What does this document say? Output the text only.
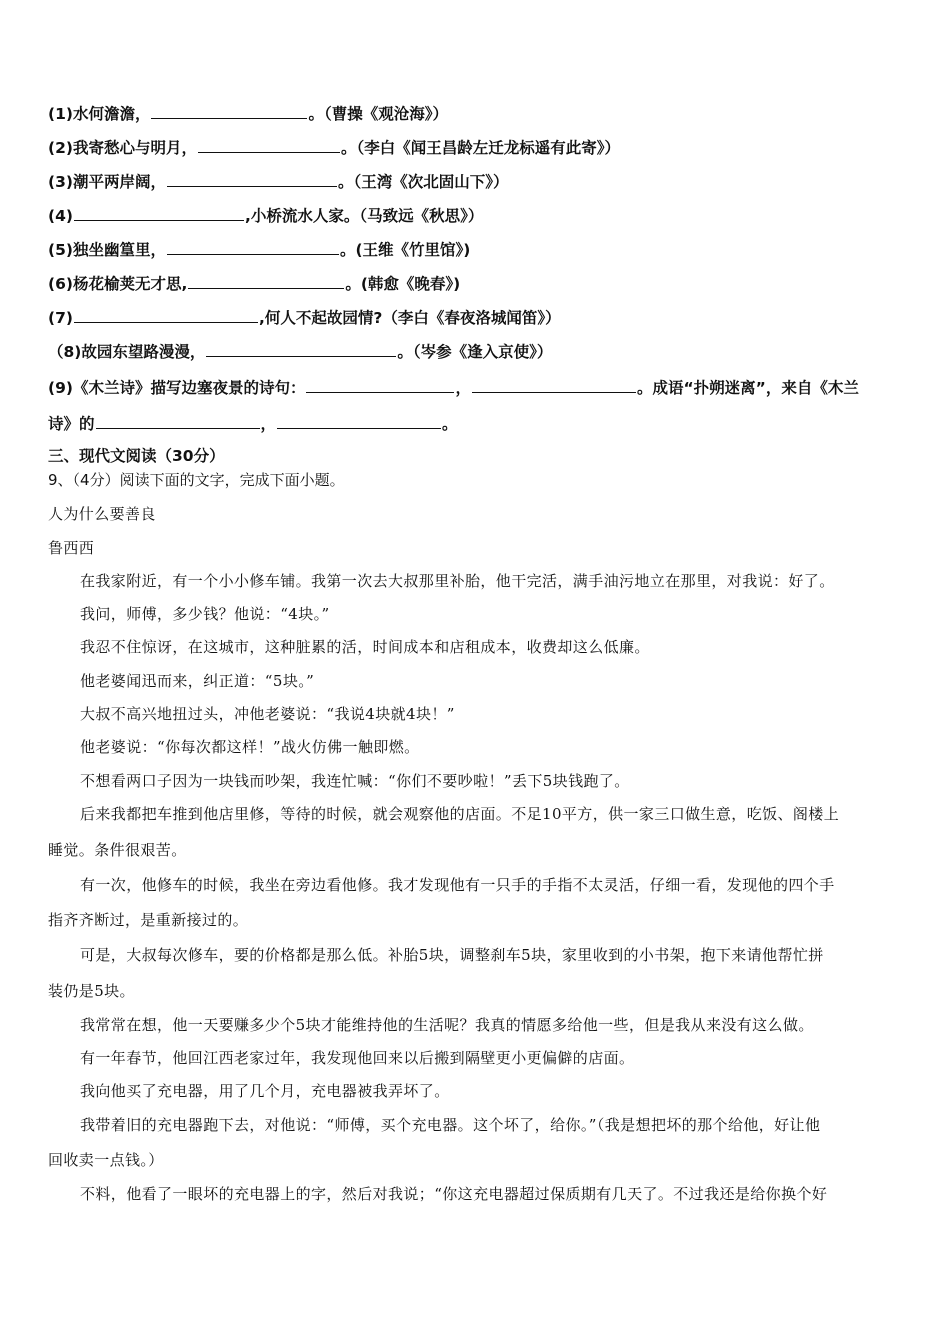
(1)水何澹澹，	。（曹操《观沧海》）
(2)我寄愁心与明月，	。（李白《闻王昌龄左迁龙标遥有此寄》）
(3)潮平两岸阔，	。（王湾《次北固山下》）
(4)	,小桥流水人家。（马致远《秋思》）
(5)独坐幽篁里，	。(王维《竹里馆》)
(6)杨花榆荚无才思,	。(韩愈《晚春》)
(7)	,何人不起故园情?（李白《春夜洛城闻笛》）
（8)故园东望路漫漫，	。（岑参《逢入京使》）
(9)《木兰诗》描写边塞夜景的诗句：	，	。成语“扑朔迷离”，来自《木兰
诗》的	，	。
三、现代文阅读（30分）
9、（4分）阅读下面的文字，完成下面小题。
人为什么要善良
鲁西西
在我家附近，有一个小小修车铺。我第一次去大叔那里补胎，他干完活，满手油污地立在那里，对我说：好了。
我问，师傅，多少钱？他说：“4块。”
我忍不住惊讶，在这城市，这种脏累的活，时间成本和店租成本，收费却这么低廉。
他老婆闻迅而来，纠正道：“5块。”
大叔不高兴地扭过头，冲他老婆说：“我说4块就4块！”
他老婆说：“你每次都这样！”战火仿佛一触即燃。
不想看两口子因为一块钱而吵架，我连忙喊：“你们不要吵啦！”丢下5块钱跑了。
后来我都把车推到他店里修，等待的时候，就会观察他的店面。不足10平方，供一家三口做生意，吃饭、阁楼上
睡觉。条件很艰苦。
有一次，他修车的时候，我坐在旁边看他修。我才发现他有一只手的手指不太灵活，仔细一看，发现他的四个手
指齐齐断过，是重新接过的。
可是，大叔每次修车，要的价格都是那么低。补胎5块，调整刹车5块，家里收到的小书架，抱下来请他帮忙拼
装仍是5块。
我常常在想，他一天要赚多少个5块才能维持他的生活呢？我真的情愿多给他一些，但是我从来没有这么做。
有一年春节，他回江西老家过年，我发现他回来以后搬到隔壁更小更偏僻的店面。
我向他买了充电器，用了几个月，充电器被我弄坏了。
我带着旧的充电器跑下去，对他说：“师傅，买个充电器。这个坏了，给你。”（我是想把坏的那个给他，好让他
回收卖一点钱。）
不料，他看了一眼坏的充电器上的字，然后对我说；“你这充电器超过保质期有几天了。不过我还是给你换个好
